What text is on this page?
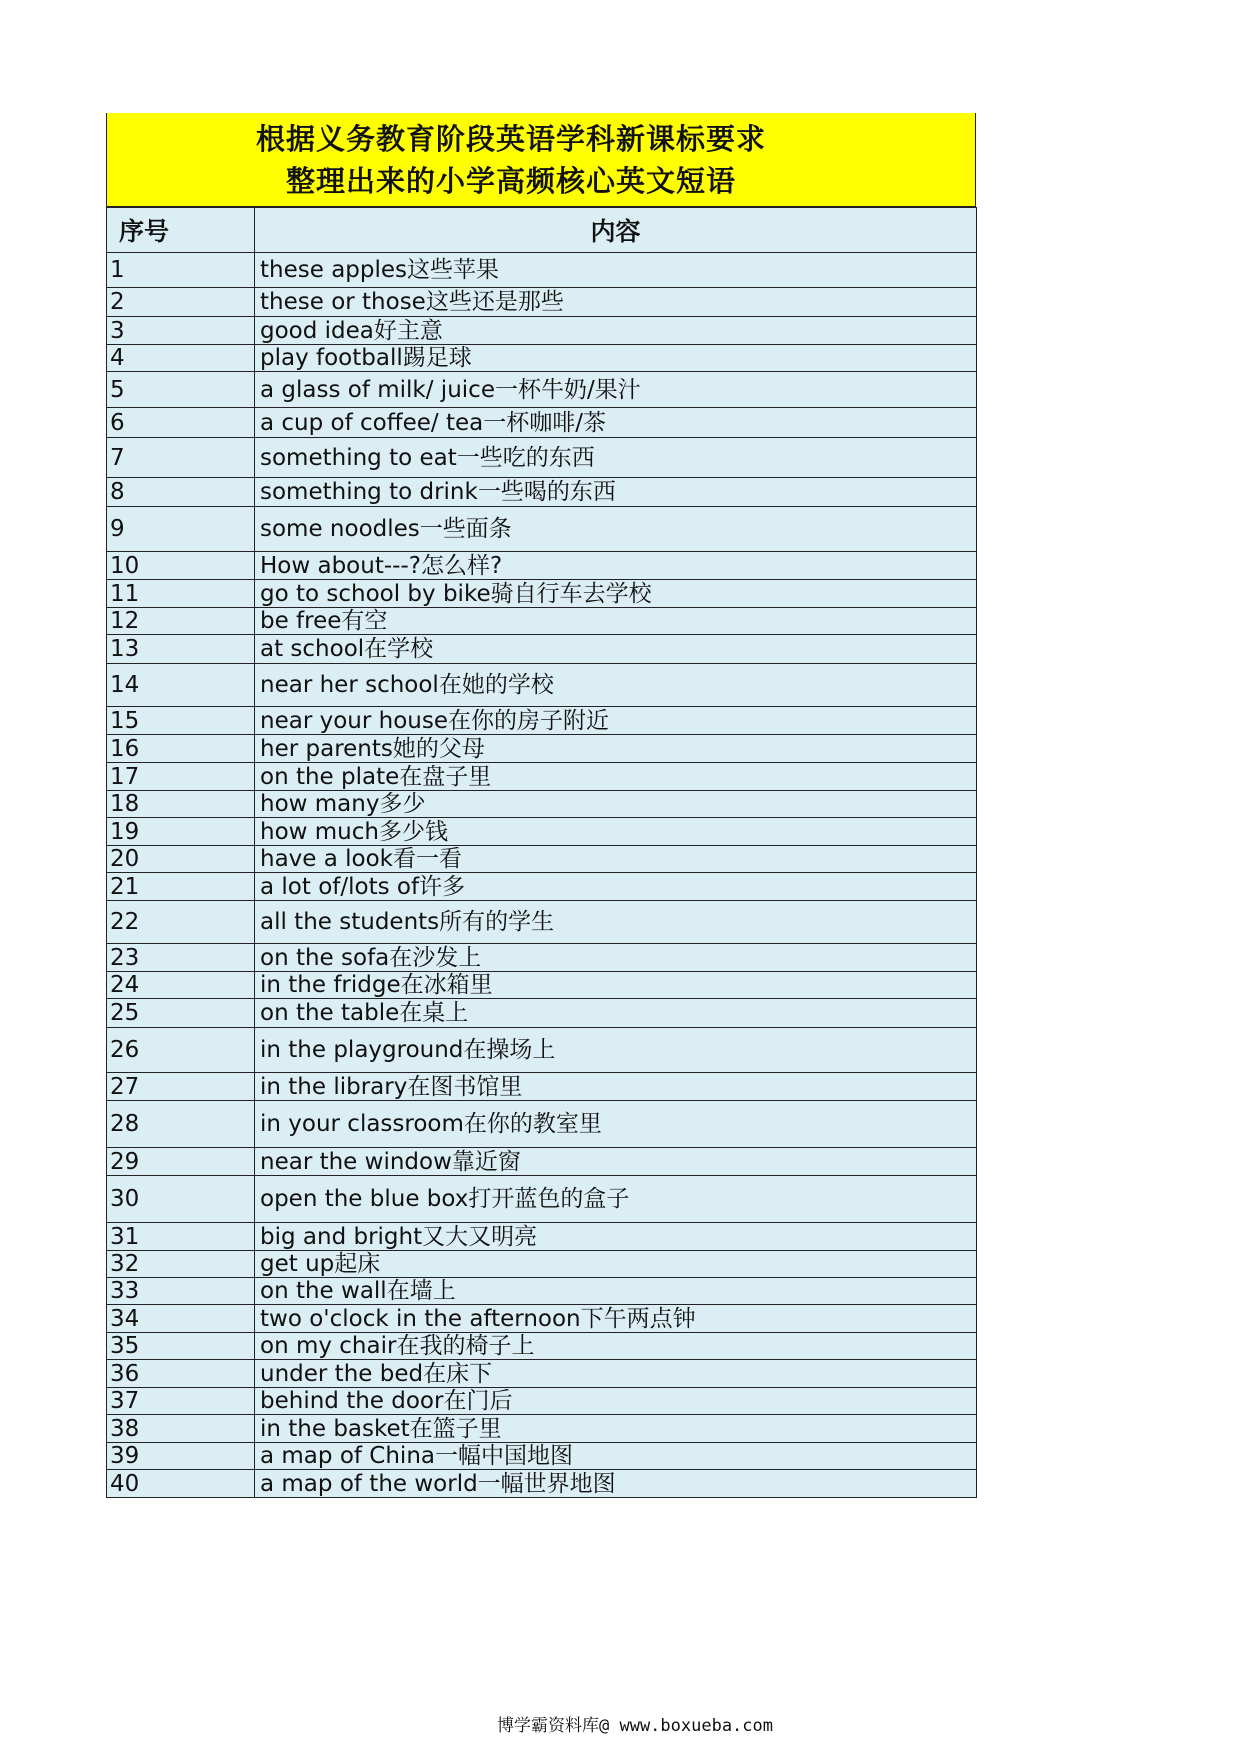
根据义务教育阶段英语学科新课标要求
整理出来的小学高频核心英文短语
序号	内容
1	these apples这些苹果
2	these or those这些还是那些
3	good idea好主意
4	play football踢足球
5	a glass of milk/ juice一杯牛奶/果汁
6	a cup of coffee/ tea一杯咖啡/茶
7	something to eat一些吃的东西
8	something to drink一些喝的东西
9	some noodles一些面条
10	How about---?怎么样?
11	go to school by bike骑自行车去学校
12	be free有空
13	at school在学校
14	near her school在她的学校
15	near your house在你的房子附近
16	her parents她的父母
17	on the plate在盘子里
18	how many多少
19	how much多少钱
20	have a look看一看
21	a lot of/lots of许多
22	all the students所有的学生
23	on the sofa在沙发上
24	in the fridge在冰箱里
25	on the table在桌上
26	in the playground在操场上
27	in the library在图书馆里
28	in your classroom在你的教室里
29	near the window靠近窗
30	open the blue box打开蓝色的盒子
31	big and bright又大又明亮
32	get up起床
33	on the wall在墙上
34	two o'clock in the afternoon下午两点钟
35	on my chair在我的椅子上
36	under the bed在床下
37	behind the door在门后
38	in the basket在篮子里
39	a map of China一幅中国地图
40	a map of the world一幅世界地图
博学霸资料库@ www.boxueba.com
